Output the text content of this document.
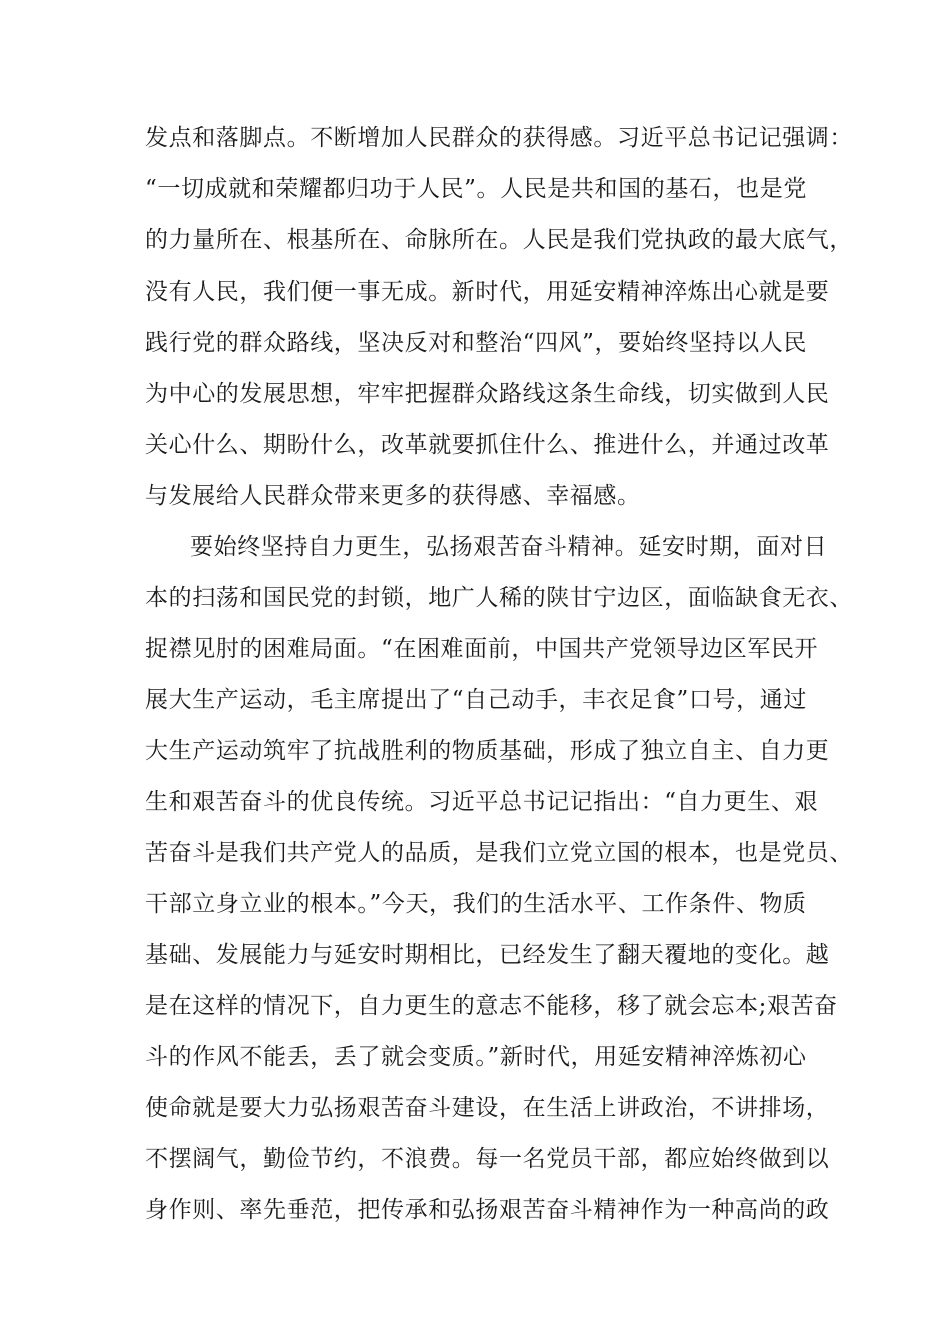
发点和落脚点。不断增加人民群众的获得感。习近平总书记记强调：
“一切成就和荣耀都归功于人民”。人民是共和国的基石，也是党
的力量所在、根基所在、命脉所在。人民是我们党执政的最大底气，
没有人民，我们便一事无成。新时代，用延安精神淬炼出心就是要
践行党的群众路线，坚决反对和整治“四风”，要始终坚持以人民
为中心的发展思想，牢牢把握群众路线这条生命线，切实做到人民
关心什么、期盼什么，改革就要抓住什么、推进什么，并通过改革
与发展给人民群众带来更多的获得感、幸福感。
要始终坚持自力更生，弘扬艰苦奋斗精神。延安时期，面对日
本的扫荡和国民党的封锁，地广人稀的陕甘宁边区，面临缺食无衣、
捉襟见肘的困难局面。“在困难面前，中国共产党领导边区军民开
展大生产运动，毛主席提出了“自己动手，丰衣足食”口号，通过
大生产运动筑牢了抗战胜利的物质基础，形成了独立自主、自力更
生和艰苦奋斗的优良传统。习近平总书记记指出：“自力更生、艰
苦奋斗是我们共产党人的品质，是我们立党立国的根本，也是党员、
干部立身立业的根本。”今天，我们的生活水平、工作条件、物质
基础、发展能力与延安时期相比，已经发生了翻天覆地的变化。越
是在这样的情况下，自力更生的意志不能移，移了就会忘本;艰苦奋
斗的作风不能丢，丢了就会变质。”新时代，用延安精神淬炼初心
使命就是要大力弘扬艰苦奋斗建设，在生活上讲政治，不讲排场，
不摆阔气，勤俭节约，不浪费。每一名党员干部，都应始终做到以
身作则、率先垂范，把传承和弘扬艰苦奋斗精神作为一种高尚的政
